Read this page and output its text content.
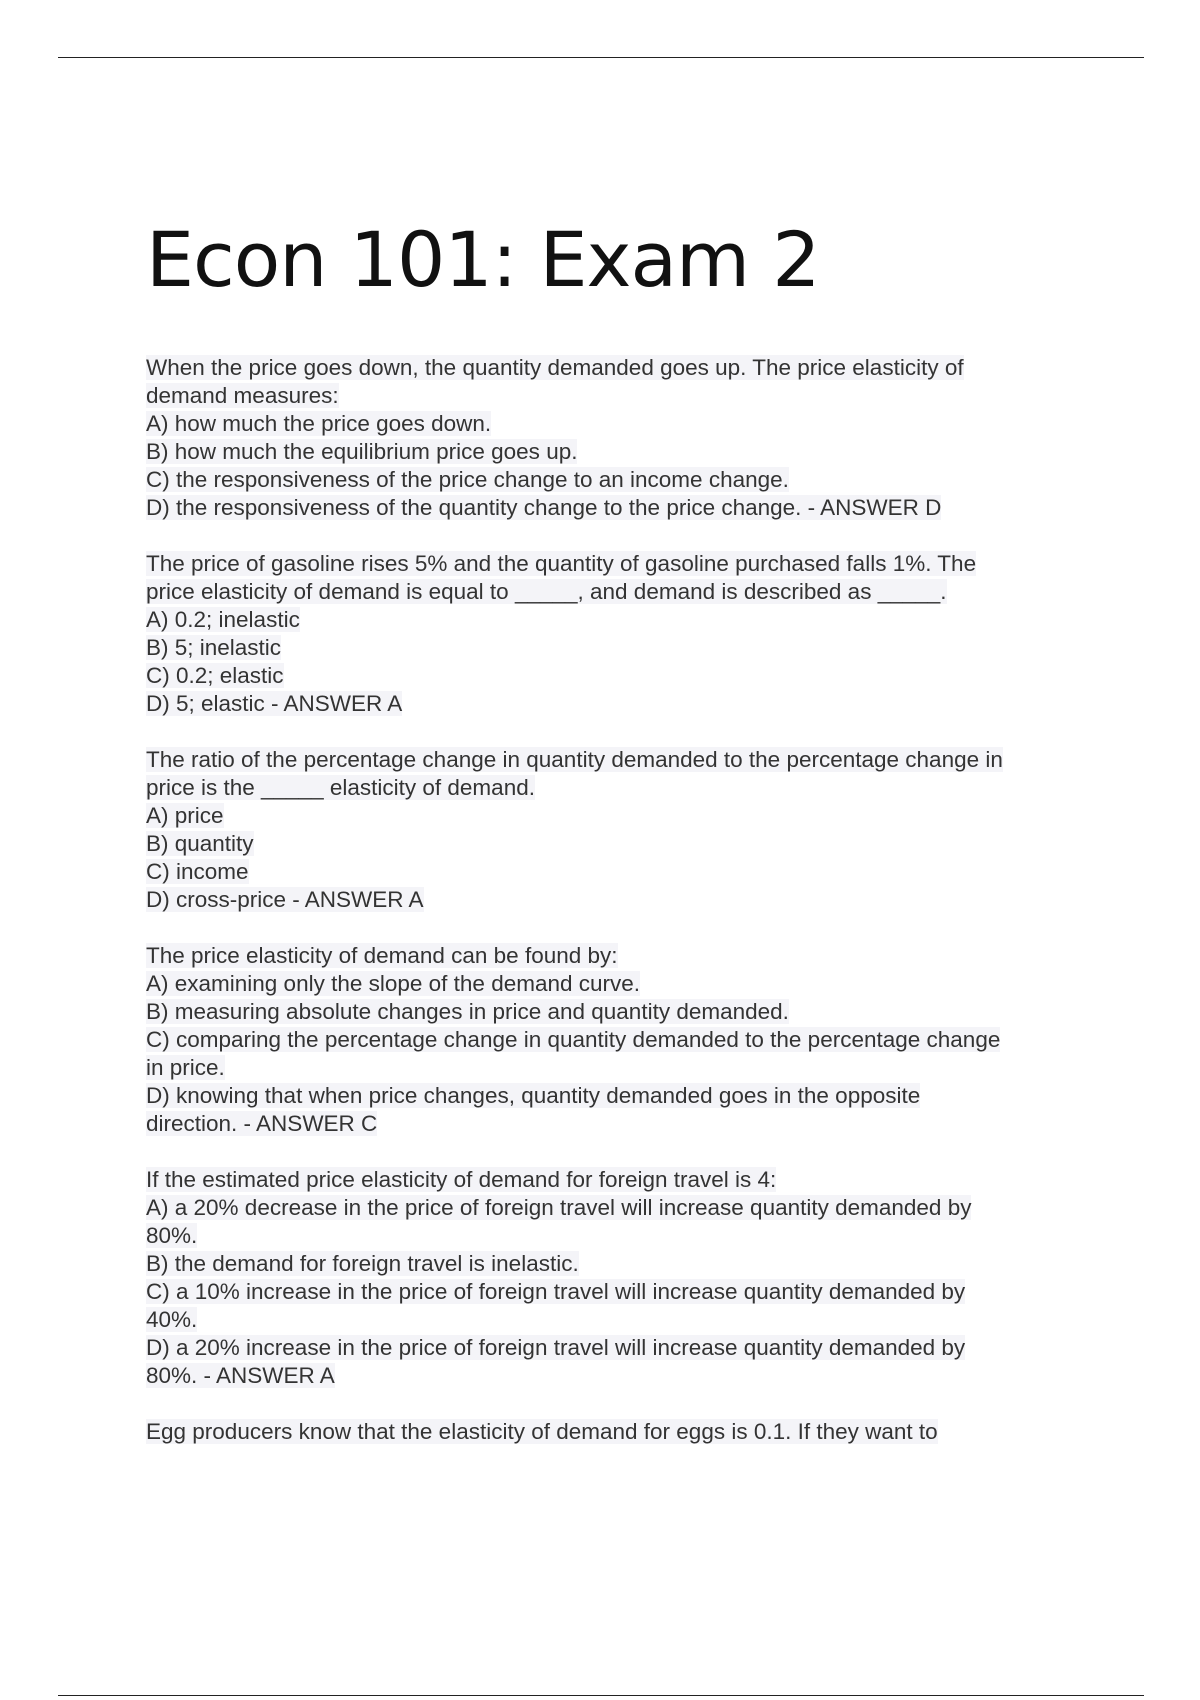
Econ 101: Exam 2
When the price goes down, the quantity demanded goes up. The price elasticity of
demand measures:
A) how much the price goes down.
B) how much the equilibrium price goes up.
C) the responsiveness of the price change to an income change.
D) the responsiveness of the quantity change to the price change. - ANSWER D
The price of gasoline rises 5% and the quantity of gasoline purchased falls 1%. The
price elasticity of demand is equal to _____, and demand is described as _____.
A) 0.2; inelastic
B) 5; inelastic
C) 0.2; elastic
D) 5; elastic - ANSWER A
The ratio of the percentage change in quantity demanded to the percentage change in
price is the _____ elasticity of demand.
A) price
B) quantity
C) income
D) cross-price - ANSWER A
The price elasticity of demand can be found by:
A) examining only the slope of the demand curve.
B) measuring absolute changes in price and quantity demanded.
C) comparing the percentage change in quantity demanded to the percentage change
in price.
D) knowing that when price changes, quantity demanded goes in the opposite
direction. - ANSWER C
If the estimated price elasticity of demand for foreign travel is 4:
A) a 20% decrease in the price of foreign travel will increase quantity demanded by
80%.
B) the demand for foreign travel is inelastic.
C) a 10% increase in the price of foreign travel will increase quantity demanded by
40%.
D) a 20% increase in the price of foreign travel will increase quantity demanded by
80%. - ANSWER A
Egg producers know that the elasticity of demand for eggs is 0.1. If they want to
